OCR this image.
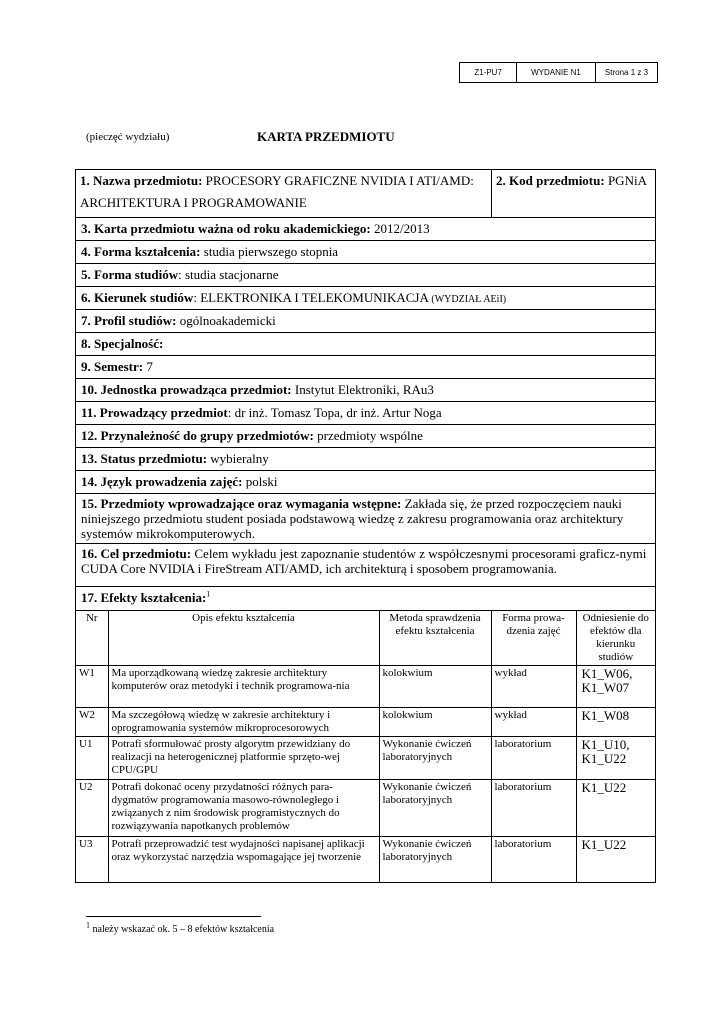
Z1-PU7	WYDANIE N1	Strona 1 z 3
(pieczęć wydziału)	KARTA PRZEDMIOTU
1. Nazwa przedmiotu: PROCESORY GRAFICZNE NVIDIA I ATI/AMD: ARCHITEKTURA I PROGRAMOWANIE
2. Kod przedmiotu: PGNiA
3. Karta przedmiotu ważna od roku akademickiego: 2012/2013
4. Forma kształcenia: studia pierwszego stopnia
5. Forma studiów: studia stacjonarne
6. Kierunek studiów: ELEKTRONIKA I TELEKOMUNIKACJA (WYDZIAŁ AEiI)
7. Profil studiów: ogólnoakademicki
8. Specjalność:
9. Semestr: 7
10. Jednostka prowadząca przedmiot: Instytut Elektroniki, RAu3
11. Prowadzący przedmiot: dr inż. Tomasz Topa, dr inż. Artur Noga
12. Przynależność do grupy przedmiotów: przedmioty wspólne
13. Status przedmiotu: wybieralny
14. Język prowadzenia zajęć: polski
15. Przedmioty wprowadzające oraz wymagania wstępne: Zakłada się, że przed rozpoczęciem nauki niniejszego przedmiotu student posiada podstawową wiedzę z zakresu programowania oraz architektury systemów mikrokomputerowych.
16. Cel przedmiotu: Celem wykładu jest zapoznanie studentów z współczesnymi procesorami graficz-nymi CUDA Core NVIDIA i FireStream ATI/AMD, ich architekturą i sposobem programowania.
17. Efekty kształcenia:$^1$
Nr	Opis efektu kształcenia	Metoda sprawdzenia efektu kształcenia	Forma prowa-dzenia zajęć	Odniesienie do efektów dla kierunku studiów
W1	Ma uporządkowaną wiedzę zakresie architektury komputerów oraz metodyki i technik programowa-nia	kolokwium	wykład	K1_W06, K1_W07
W2	Ma szczegółową wiedzę w zakresie architektury i oprogramowania systemów mikroprocesorowych	kolokwium	wykład	K1_W08
U1	Potrafi sformułować prosty algorytm przewidziany do realizacji na heterogenicznej platformie sprzęto-wej CPU/GPU	Wykonanie ćwiczeń laboratoryjnych	laboratorium	K1_U10, K1_U22
U2	Potrafi dokonać oceny przydatności różnych para-dygmatów programowania masowo-równoległego i związanych z nim środowisk programistycznych do rozwiązywania napotkanych problemów	Wykonanie ćwiczeń laboratoryjnych	laboratorium	K1_U22
U3	Potrafi przeprowadzić test wydajności napisanej aplikacji oraz wykorzystać narzędzia wspomagające jej tworzenie	Wykonanie ćwiczeń laboratoryjnych	laboratorium	K1_U22
$^1$ należy wskazać ok. 5 – 8 efektów kształcenia
